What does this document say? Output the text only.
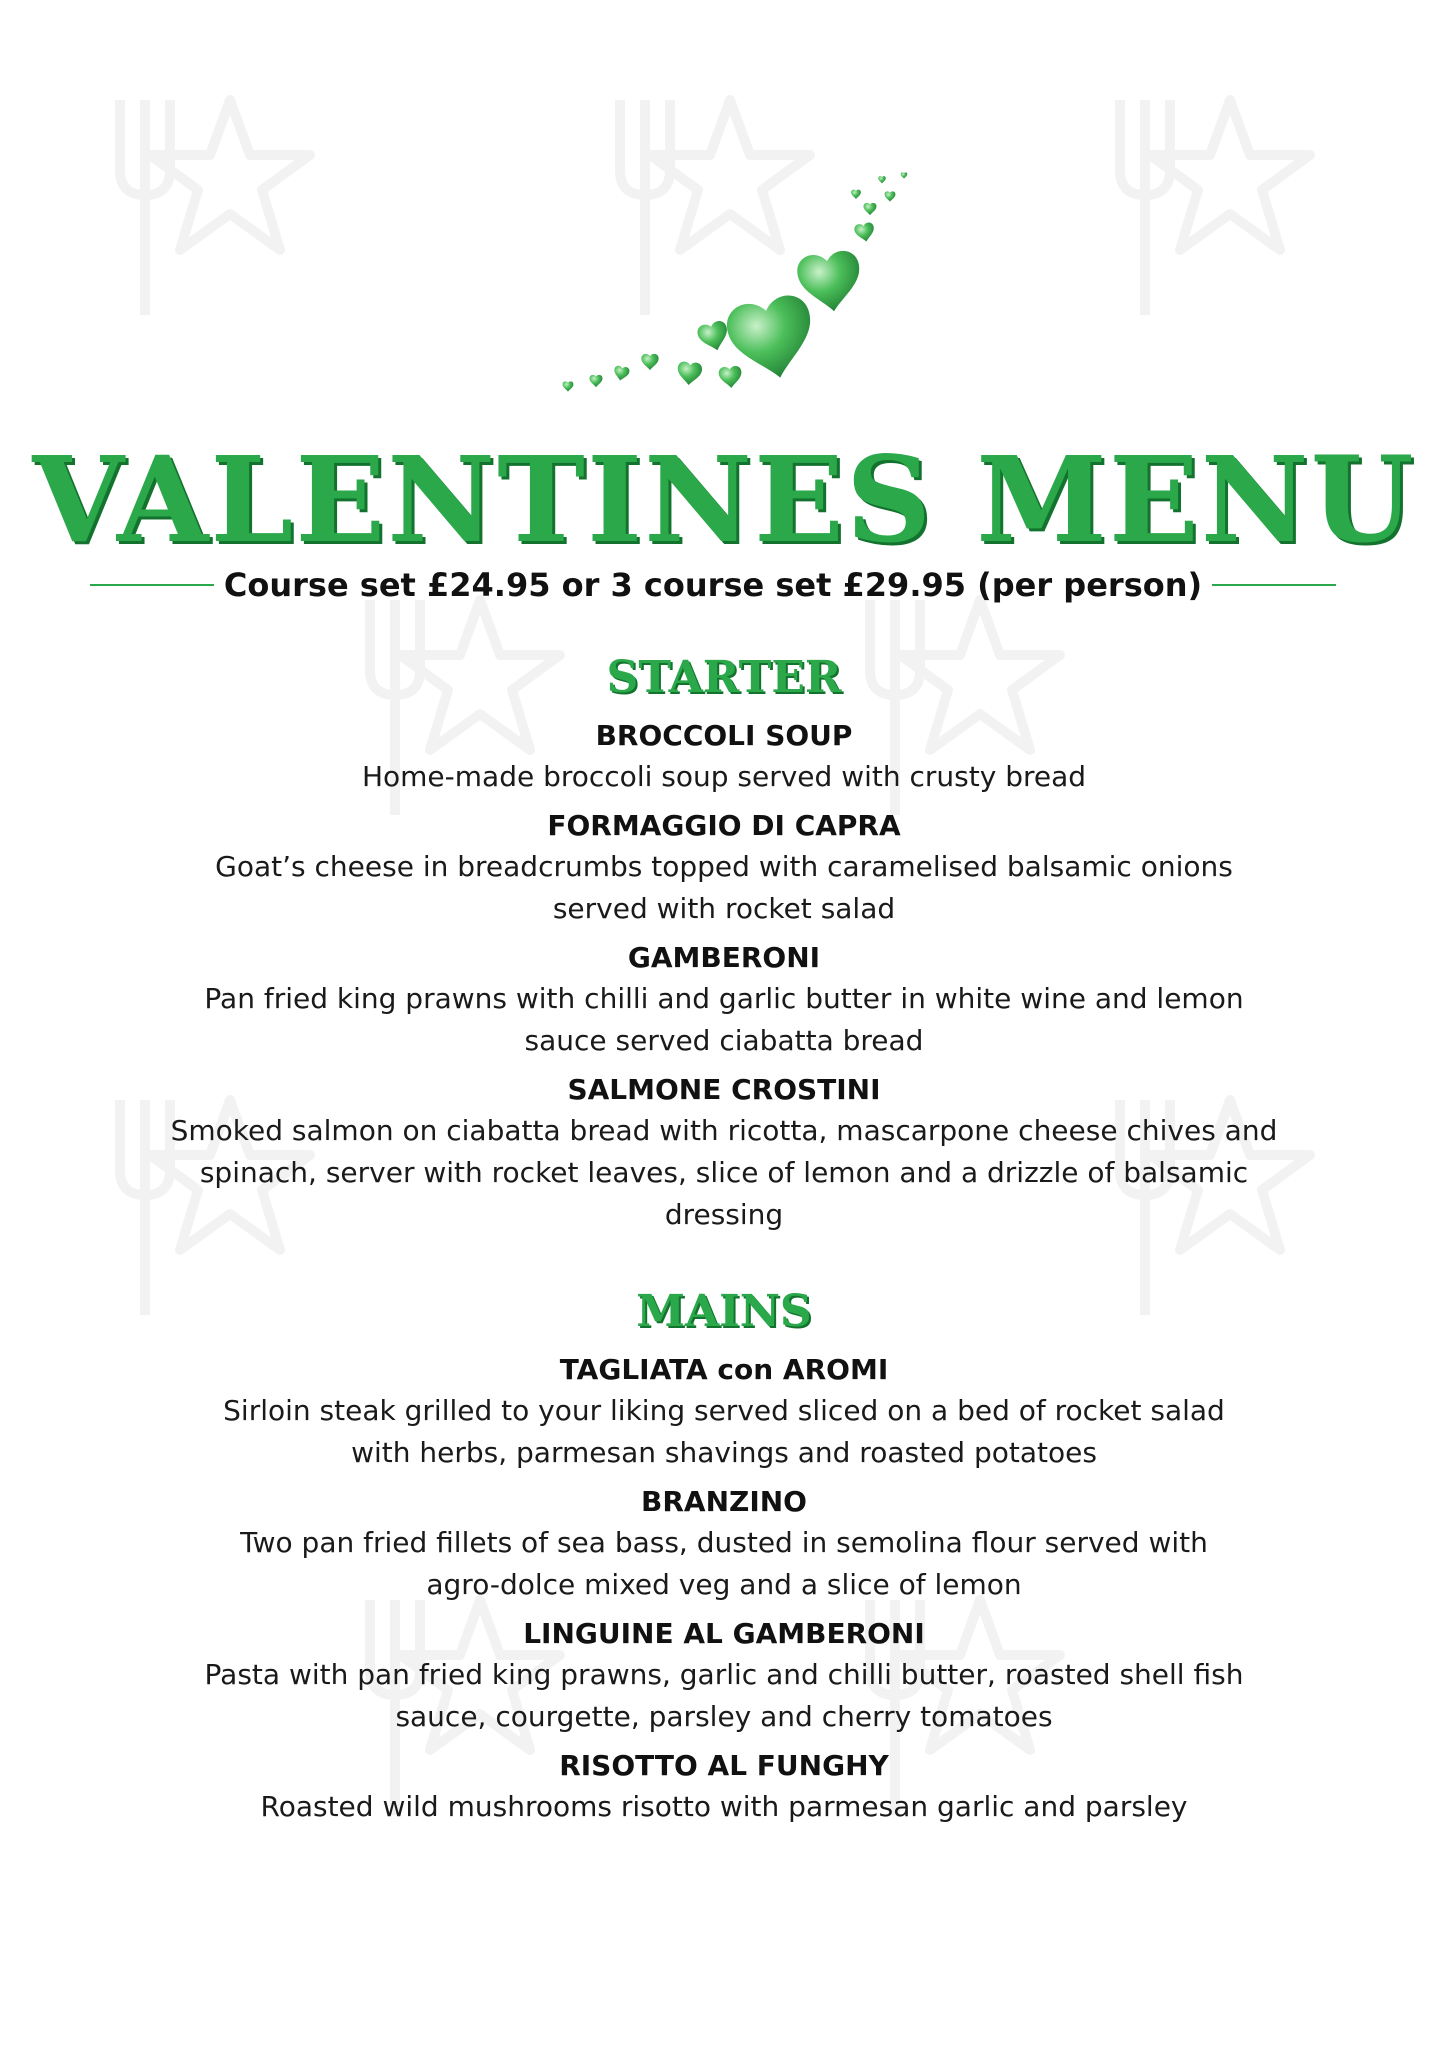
VALENTINES MENU
Course set £24.95 or 3 course set £29.95 (per person)
STARTER
BROCCOLI SOUP

Home-made broccoli soup served with crusty bread

FORMAGGIO DI CAPRA

Goat’s cheese in breadcrumbs topped with caramelised balsamic onions served with rocket salad

GAMBERONI

Pan fried king prawns with chilli and garlic butter in white wine and lemon sauce served ciabatta bread

SALMONE CROSTINI

Smoked salmon on ciabatta bread with ricotta, mascarpone cheese chives and spinach, server with rocket leaves, slice of lemon and a drizzle of balsamic dressing

MAINS
TAGLIATA con AROMI

Sirloin steak grilled to your liking served sliced on a bed of rocket salad with herbs, parmesan shavings and roasted potatoes

BRANZINO

Two pan fried fillets of sea bass, dusted in semolina flour served with agro-dolce mixed veg and a slice of lemon

LINGUINE AL GAMBERONI

Pasta with pan fried king prawns, garlic and chilli butter, roasted shell fish sauce, courgette, parsley and cherry tomatoes

RISOTTO AL FUNGHY

Roasted wild mushrooms risotto with parmesan garlic and parsley
